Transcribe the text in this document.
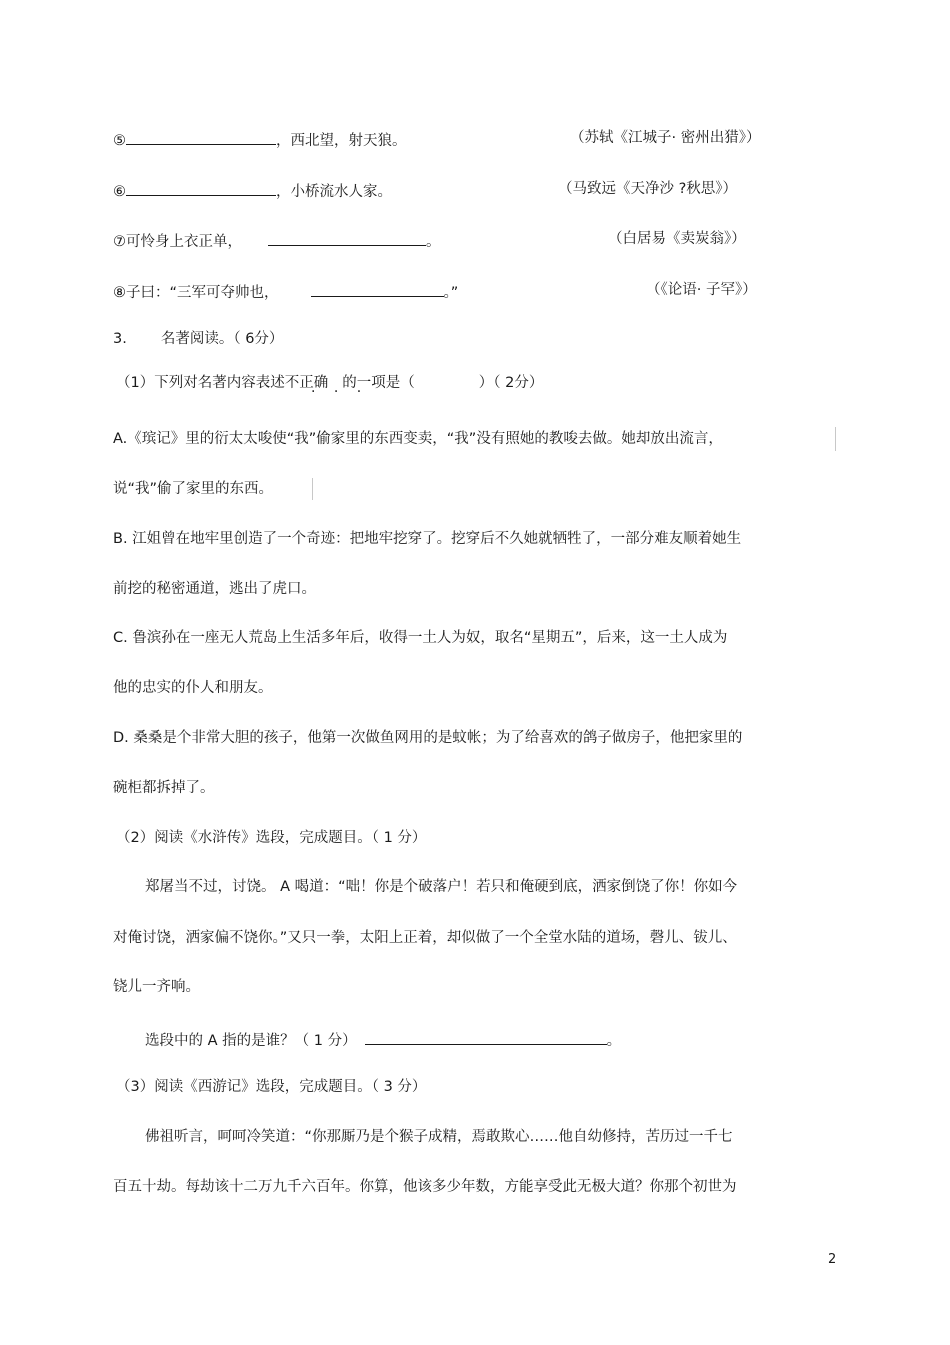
⑤	，西北望，射天狼。	（苏轼《江城子· 密州出猎》）
⑥	，小桥流水人家。	（马致远《天净沙 ?秋思》）
⑦可怜身上衣正单，	。	（白居易《卖炭翁》）
⑧子曰：“三军可夺帅也，	。”	（《论语· 子罕》）
3. 名著阅读。（ 6分）
（1）下列对名著内容表述不正确 的一项是（	）（ 2分）
· · ·
A.《瑸记》里的衍太太唆使“我”偷家里的东西变卖，“我”没有照她的教唆去做。她却放出流言，
说“我”偷了家里的东西。
B. 江姐曾在地牢里创造了一个奇迹：把地牢挖穿了。挖穿后不久她就牺牲了，一部分难友顺着她生
前挖的秘密通道，逃出了虎口。
C. 鲁滨孙在一座无人荒岛上生活多年后，收得一土人为奴，取名“星期五”，后来，这一土人成为
他的忠实的仆人和朋友。
D. 桑桑是个非常大胆的孩子，他第一次做鱼网用的是蚊帐；为了给喜欢的鸽子做房子，他把家里的
碗柜都拆掉了。
（2）阅读《水浒传》选段，完成题目。（ 1 分）
郑屠当不过，讨饶。 A 喝道：“咄！你是个破落户！若只和俺硬到底，洒家倒饶了你！你如今
对俺讨饶，洒家偏不饶你。”又只一拳，太阳上正着，却似做了一个全堂水陆的道场，磬儿、钹儿、
铙儿一齐响。
选段中的 A 指的是谁？（ 1 分）	。
（3）阅读《西游记》选段，完成题目。（ 3 分）
佛祖听言，呵呵冷笑道：“你那厮乃是个猴子成精，焉敢欺心……他自幼修持，苦历过一千七
百五十劫。每劫该十二万九千六百年。你算，他该多少年数，方能享受此无极大道？你那个初世为
2
